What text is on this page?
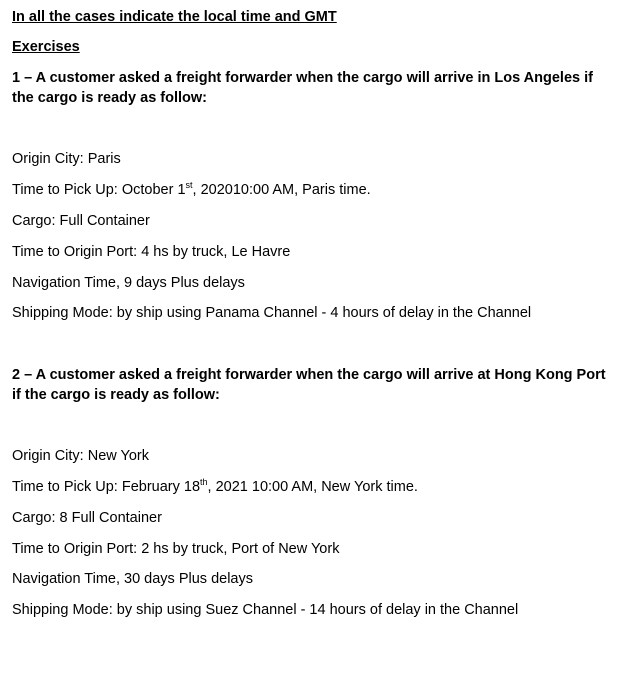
In all the cases indicate the local time and GMT
Exercises
1 – A customer asked a freight forwarder when the cargo will arrive in Los Angeles if the cargo is ready as follow:
Origin City: Paris
Time to Pick Up: October 1st, 202010:00 AM, Paris time.
Cargo: Full Container
Time to Origin Port: 4 hs by truck, Le Havre
Navigation Time, 9 days Plus delays
Shipping Mode: by ship using Panama Channel - 4 hours of delay in the Channel
2 – A customer asked a freight forwarder when the cargo will arrive at Hong Kong Port if the cargo is ready as follow:
Origin City: New York
Time to Pick Up: February 18th, 2021 10:00 AM, New York time.
Cargo: 8 Full Container
Time to Origin Port: 2 hs by truck, Port of New York
Navigation Time, 30 days Plus delays
Shipping Mode: by ship using Suez Channel - 14 hours of delay in the Channel
